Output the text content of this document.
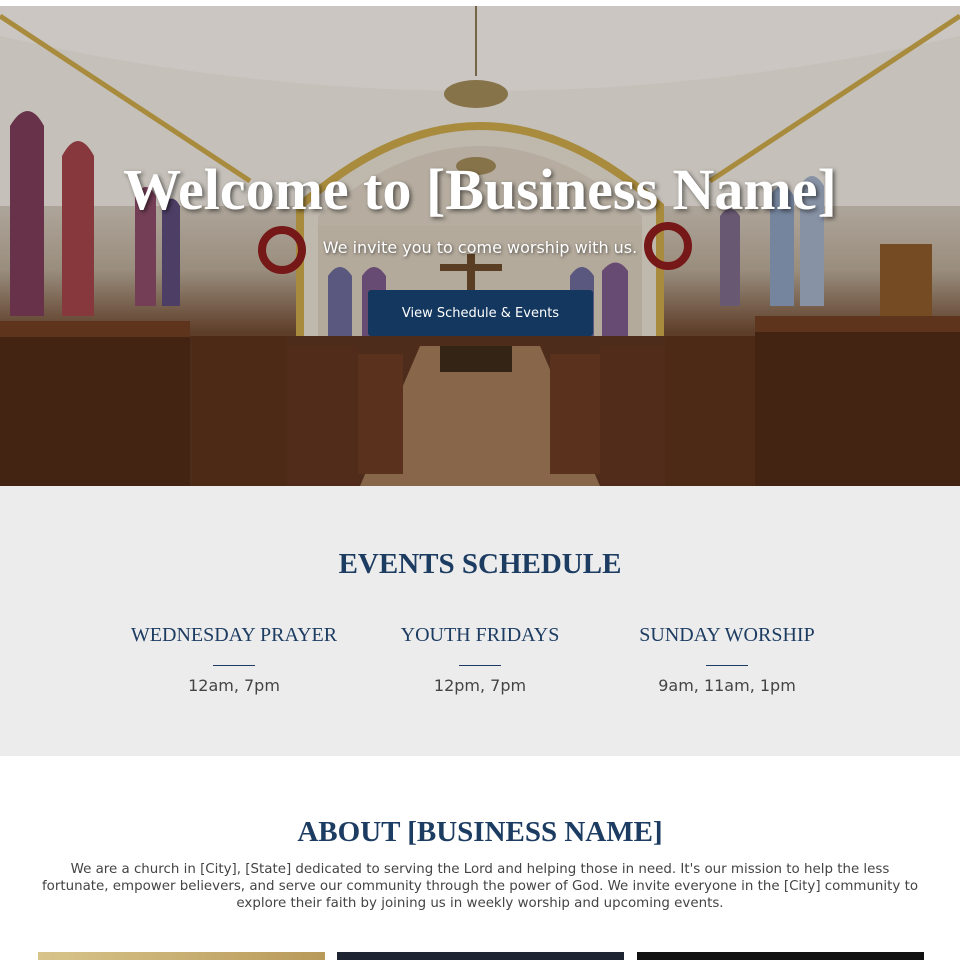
Welcome to [Business Name]

We invite you to come worship with us.

View Schedule & Events
EVENTS SCHEDULE
WEDNESDAY PRAYER
12am, 7pm
YOUTH FRIDAYS
12pm, 7pm
SUNDAY WORSHIP
9am, 11am, 1pm
ABOUT [BUSINESS NAME]

We are a church in [City], [State] dedicated to serving the Lord and helping those in need. It's our mission to help the less fortunate, empower believers, and serve our community through the power of God. We invite everyone in the [City] community to explore their faith by joining us in weekly worship and upcoming events.
